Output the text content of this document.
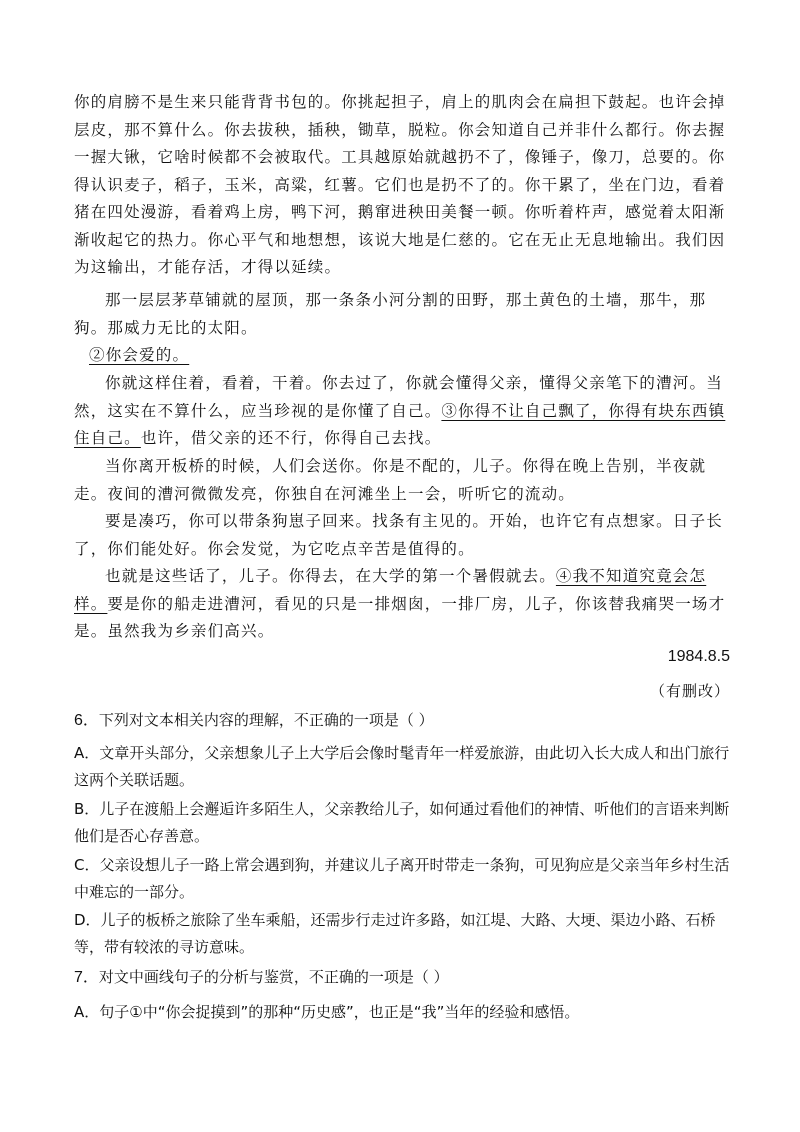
你的肩膀不是生来只能背背书包的。你挑起担子，肩上的肌肉会在扁担下鼓起。也许会掉层皮，那不算什么。你去拔秧，插秧，锄草，脱粒。你会知道自己并非什么都行。你去握一握大锹，它啥时候都不会被取代。工具越原始就越扔不了，像锤子，像刀，总要的。你得认识麦子，稻子，玉米，高粱，红薯。它们也是扔不了的。你干累了，坐在门边，看着猪在四处漫游，看着鸡上房，鸭下河，鹅窜进秧田美餐一顿。你听着杵声，感觉着太阳渐渐收起它的热力。你心平气和地想想，该说大地是仁慈的。它在无止无息地输出。我们因为这输出，才能存活，才得以延续。

那一层层茅草铺就的屋顶，那一条条小河分割的田野，那土黄色的土墙，那牛，那狗。那威力无比的太阳。

②你会爱的。

你就这样住着，看着，干着。你去过了，你就会懂得父亲，懂得父亲笔下的漕河。当然，这实在不算什么，应当珍视的是你懂了自己。③你得不让自己飘了，你得有块东西镇住自己。也许，借父亲的还不行，你得自己去找。

当你离开板桥的时候，人们会送你。你是不配的，儿子。你得在晚上告别，半夜就走。夜间的漕河微微发亮，你独自在河滩坐上一会，听听它的流动。

要是凑巧，你可以带条狗崽子回来。找条有主见的。开始，也许它有点想家。日子长了，你们能处好。你会发觉，为它吃点辛苦是值得的。

也就是这些话了，儿子。你得去，在大学的第一个暑假就去。④我不知道究竟会怎样。要是你的船走进漕河，看见的只是一排烟囱，一排厂房，儿子，你该替我痛哭一场才是。虽然我为乡亲们高兴。

1984.8.5
（有删改）

6．下列对文本相关内容的理解，不正确的一项是（ ）

A．文章开头部分，父亲想象儿子上大学后会像时髦青年一样爱旅游，由此切入长大成人和出门旅行这两个关联话题。

B．儿子在渡船上会邂逅许多陌生人，父亲教给儿子，如何通过看他们的神情、听他们的言语来判断他们是否心存善意。

C．父亲设想儿子一路上常会遇到狗，并建议儿子离开时带走一条狗，可见狗应是父亲当年乡村生活中难忘的一部分。

D．儿子的板桥之旅除了坐车乘船，还需步行走过许多路，如江堤、大路、大埂、渠边小路、石桥等，带有较浓的寻访意味。

7．对文中画线句子的分析与鉴赏，不正确的一项是（ ）

A．句子①中“你会捉摸到”的那种“历史感”，也正是“我”当年的经验和感悟。
